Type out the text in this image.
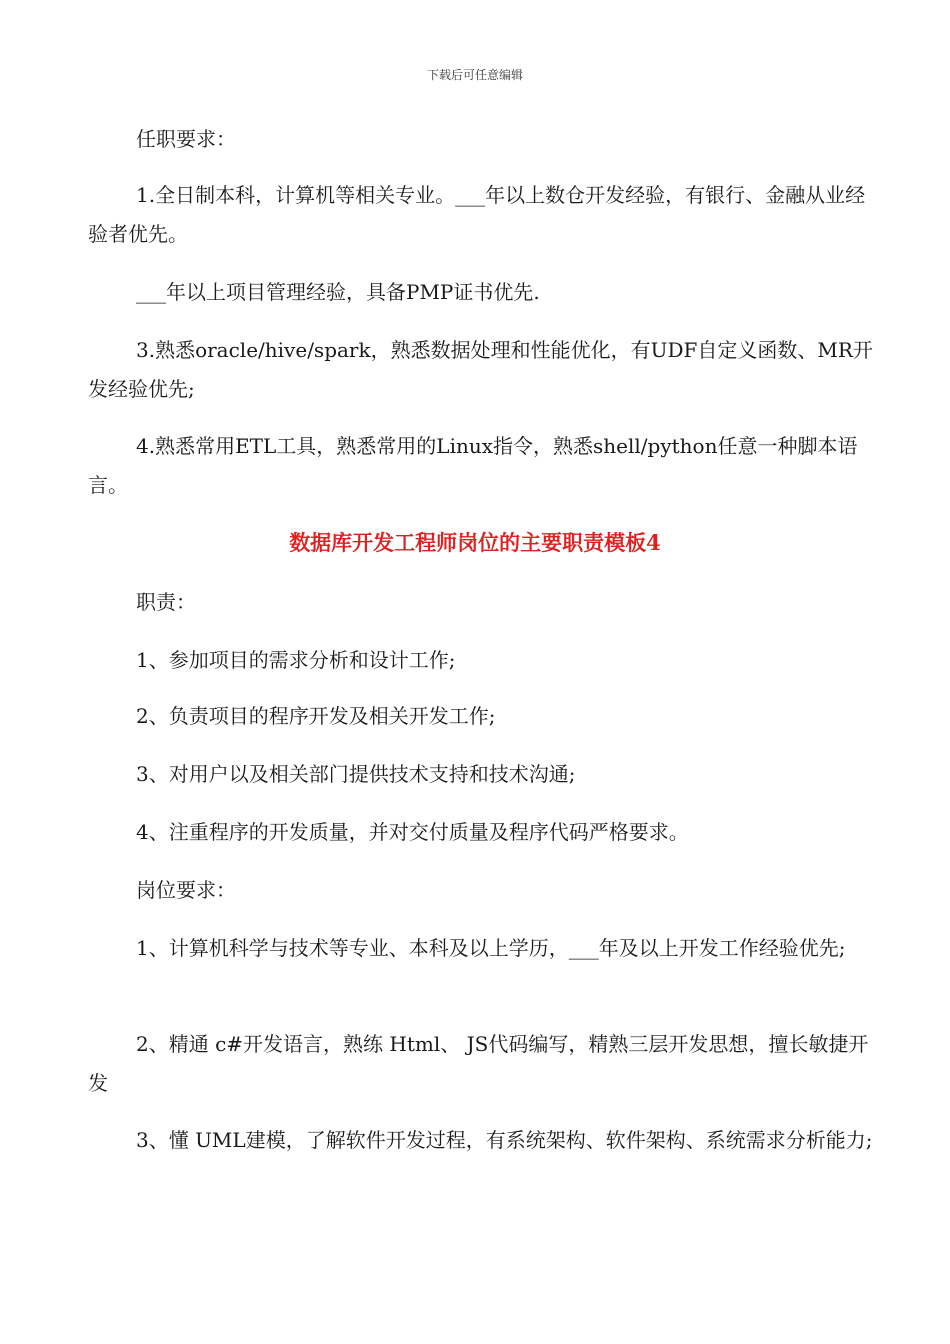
下载后可任意编辑
任职要求：
1.全日制本科，计算机等相关专业。___年以上数仓开发经验，有银行、金融从业经验者优先。
___年以上项目管理经验，具备PMP证书优先.
3.熟悉oracle/hive/spark，熟悉数据处理和性能优化，有UDF自定义函数、MR开发经验优先;
4.熟悉常用ETL工具，熟悉常用的Linux指令，熟悉shell/python任意一种脚本语言。
数据库开发工程师岗位的主要职责模板4
职责：
1、参加项目的需求分析和设计工作;
2、负责项目的程序开发及相关开发工作;
3、对用户以及相关部门提供技术支持和技术沟通;
4、注重程序的开发质量，并对交付质量及程序代码严格要求。
岗位要求：
1、计算机科学与技术等专业、本科及以上学历，___年及以上开发工作经验优先;
2、精通 c#开发语言，熟练 Html、 JS代码编写，精熟三层开发思想，擅长敏捷开发
3、懂 UML建模，了解软件开发过程，有系统架构、软件架构、系统需求分析能力;
